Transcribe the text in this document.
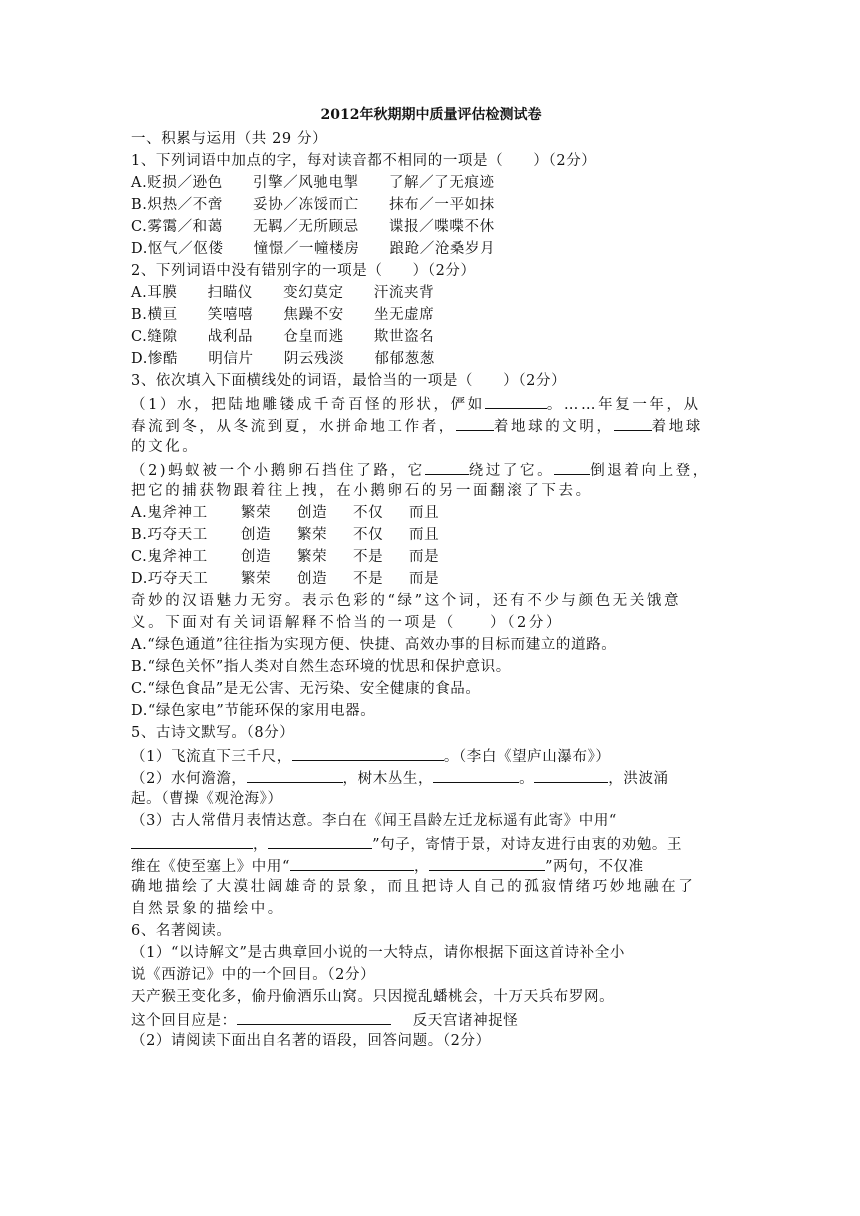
2012年秋期期中质量评估检测试卷
一、积累与运用（共 29 分）
1、下列词语中加点的字，每对读音都不相同的一项是（　　）（2分）
A.贬损／逊色　　引擎／风驰电掣　　了解／了无痕迹
B.炽热／不啻　　妥协／冻馁而亡　　抹布／一平如抹
C.雾霭／和蔼　　无羁／无所顾忌　　谍报／喋喋不休
D.怄气／伛偻　　憧憬／一幢楼房　　踉跄／沧桑岁月
2、下列词语中没有错别字的一项是（　　）（2分）
A.耳膜　　扫瞄仪　　变幻莫定　　汗流夹背
B.横亘　　笑嘻嘻　　焦躁不安　　坐无虚席
C.缝隙　　战利品　　仓皇而逃　　欺世盗名
D.惨酷　　明信片　　阴云残淡　　郁郁葱葱
3、依次填入下面横线处的词语，最恰当的一项是（　　）（2分）
（1）水，把陆地雕镂成千奇百怪的形状，俨如	。……年复一年，从
春流到冬，从冬流到夏，水拼命地工作者，	着地球的文明，	着地球
的文化。
（2)蚂蚁被一个小鹅卵石挡住了路，它	绕过了它。 倒退着向上登，
把它的捕获物跟着往上拽，在小鹅卵石的另一面翻滚了下去。
A.鬼斧神工 繁荣 创造 不仅 而且
B.巧夺天工 创造 繁荣 不仅 而且
C.鬼斧神工 创造 繁荣 不是 而是
D.巧夺天工 繁荣 创造 不是 而是
奇妙的汉语魅力无穷。表示色彩的“绿”这个词，还有不少与颜色无关饿意
义。下面对有关词语解释不恰当的一项是（　　）（2分）
A.“绿色通道”往往指为实现方便、快捷、高效办事的目标而建立的道路。
B.“绿色关怀”指人类对自然生态环境的忧思和保护意识。
C.“绿色食品”是无公害、无污染、安全健康的食品。
D.“绿色家电”节能环保的家用电器。
5、古诗文默写。（8分）
（1）飞流直下三千尺，	。（李白《望庐山瀑布》）
（2）水何澹澹，	，树木丛生，	。	，洪波涌
起。（曹操《观沧海》）
（3）古人常借月表情达意。李白在《闻王昌龄左迁龙标遥有此寄》中用“
，	”句子，寄情于景，对诗友进行由衷的劝勉。王
维在《使至塞上》中用“	，	”两句，不仅准
确地描绘了大漠壮阔雄奇的景象，而且把诗人自己的孤寂情绪巧妙地融在了
自然景象的描绘中。
6、名著阅读。
（1）“以诗解文”是古典章回小说的一大特点，请你根据下面这首诗补全小
说《西游记》中的一个回目。（2分）
天产猴王变化多，偷丹偷酒乐山窝。只因搅乱蟠桃会，十万天兵布罗网。
这个回目应是：	反天宫诸神捉怪
（2）请阅读下面出自名著的语段，回答问题。（2分）
